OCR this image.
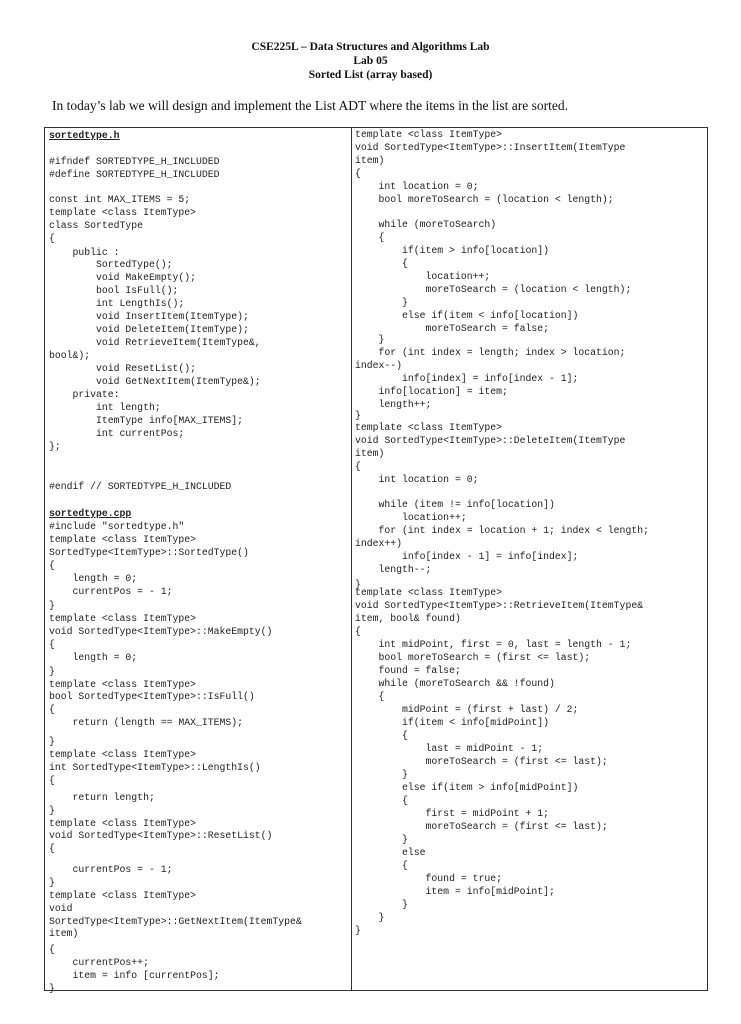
CSE225L – Data Structures and Algorithms Lab
Lab 05
Sorted List (array based)
In today’s lab we will design and implement the List ADT where the items in the list are sorted.
sortedtype.h
#ifndef SORTEDTYPE_H_INCLUDED
#define SORTEDTYPE_H_INCLUDED
const int MAX_ITEMS = 5;
template <class ItemType>
class SortedType
{
public :
SortedType();
void MakeEmpty();
bool IsFull();
int LengthIs();
void InsertItem(ItemType);
void DeleteItem(ItemType);
void RetrieveItem(ItemType&,
bool&);
void ResetList();
void GetNextItem(ItemType&);
private:
int length;
ItemType info[MAX_ITEMS];
int currentPos;
};
#endif // SORTEDTYPE_H_INCLUDED
sortedtype.cpp
#include "sortedtype.h"
template <class ItemType>
SortedType<ItemType>::SortedType()
{
length = 0;
currentPos = - 1;
}
template <class ItemType>
void SortedType<ItemType>::MakeEmpty()
{
length = 0;
}
template <class ItemType>
bool SortedType<ItemType>::IsFull()
{
return (length == MAX_ITEMS);
}
template <class ItemType>
int SortedType<ItemType>::LengthIs()
{
return length;
}
template <class ItemType>
void SortedType<ItemType>::ResetList()
{
currentPos = - 1;
}
template <class ItemType>
void
SortedType<ItemType>::GetNextItem(ItemType&
item)
{
currentPos++;
item = info [currentPos];
}
template <class ItemType>
void SortedType<ItemType>::InsertItem(ItemType
item)
{
int location = 0;
bool moreToSearch = (location < length);
while (moreToSearch)
{
if(item > info[location])
{
location++;
moreToSearch = (location < length);
}
else if(item < info[location])
moreToSearch = false;
}
for (int index = length; index > location;
index--)
info[index] = info[index - 1];
info[location] = item;
length++;
}
template <class ItemType>
void SortedType<ItemType>::DeleteItem(ItemType
item)
{
int location = 0;
while (item != info[location])
location++;
for (int index = location + 1; index < length;
index++)
info[index - 1] = info[index];
length--;
}
template <class ItemType>
void SortedType<ItemType>::RetrieveItem(ItemType&
item, bool& found)
{
int midPoint, first = 0, last = length - 1;
bool moreToSearch = (first <= last);
found = false;
while (moreToSearch && !found)
{
midPoint = (first + last) / 2;
if(item < info[midPoint])
{
last = midPoint - 1;
moreToSearch = (first <= last);
}
else if(item > info[midPoint])
{
first = midPoint + 1;
moreToSearch = (first <= last);
}
else
{
found = true;
item = info[midPoint];
}
}
}
